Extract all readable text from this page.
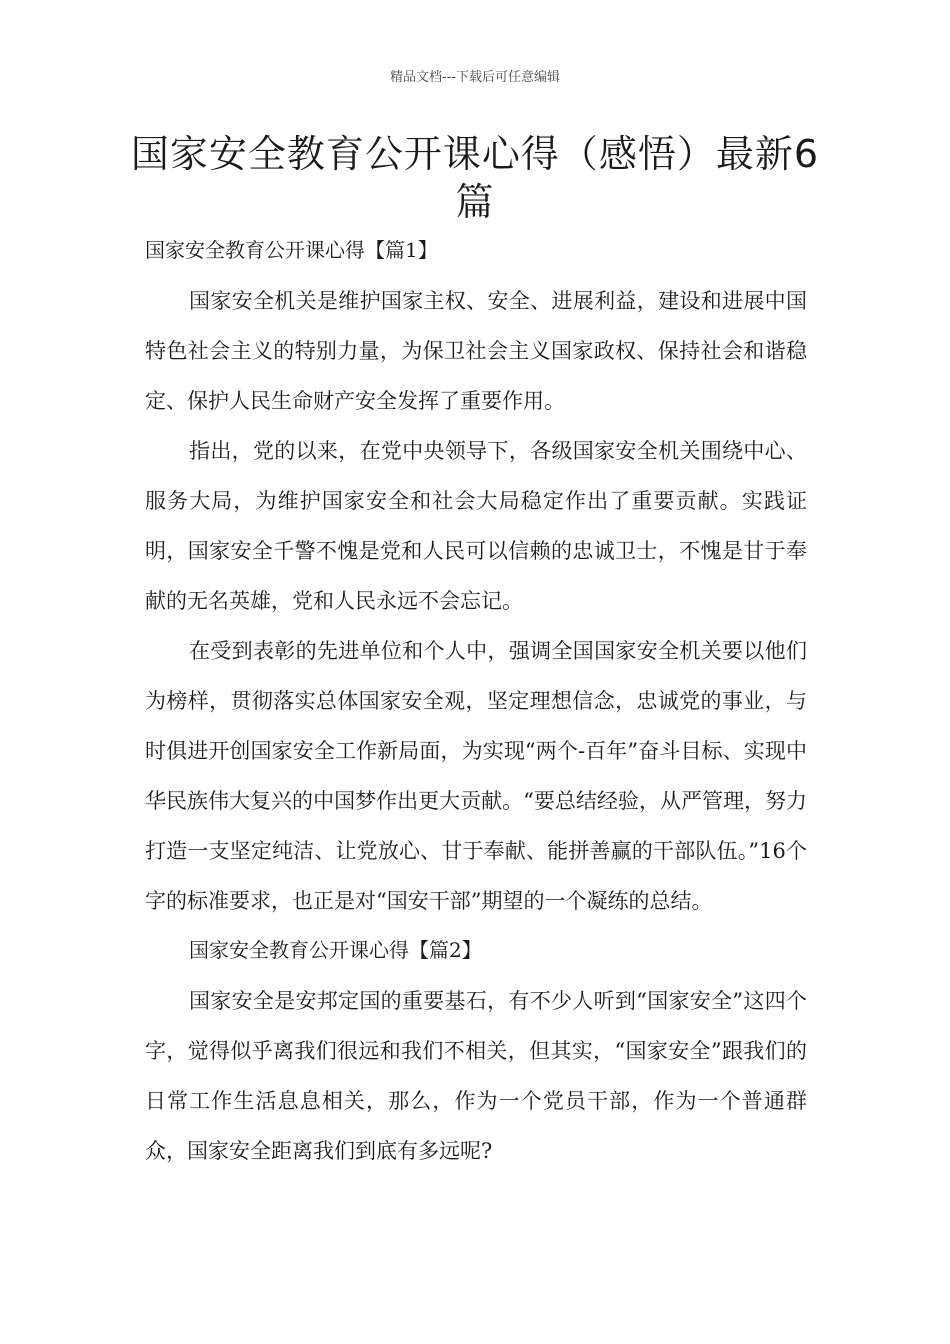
精品文档---下载后可任意编辑
国家安全教育公开课心得（感悟）最新6篇
国家安全教育公开课心得【篇1】

国家安全机关是维护国家主权、安全、进展利益，建设和进展中国特色社会主义的特别力量，为保卫社会主义国家政权、保持社会和谐稳定、保护人民生命财产安全发挥了重要作用。

指出，党的以来，在党中央领导下，各级国家安全机关围绕中心、服务大局，为维护国家安全和社会大局稳定作出了重要贡献。实践证明，国家安全千警不愧是党和人民可以信赖的忠诚卫士，不愧是甘于奉献的无名英雄，党和人民永远不会忘记。

在受到表彰的先进单位和个人中，强调全国国家安全机关要以他们为榜样，贯彻落实总体国家安全观，坚定理想信念，忠诚党的事业，与时俱进开创国家安全工作新局面，为实现“两个-百年”奋斗目标、实现中华民族伟大复兴的中国梦作出更大贡献。“要总结经验，从严管理，努力打造一支坚定纯洁、让党放心、甘于奉献、能拼善赢的干部队伍。”16个字的标准要求，也正是对“国安干部”期望的一个凝练的总结。

国家安全教育公开课心得【篇2】

国家安全是安邦定国的重要基石，有不少人听到“国家安全”这四个字，觉得似乎离我们很远和我们不相关，但其实，“国家安全”跟我们的日常工作生活息息相关，那么，作为一个党员干部，作为一个普通群众，国家安全距离我们到底有多远呢?
